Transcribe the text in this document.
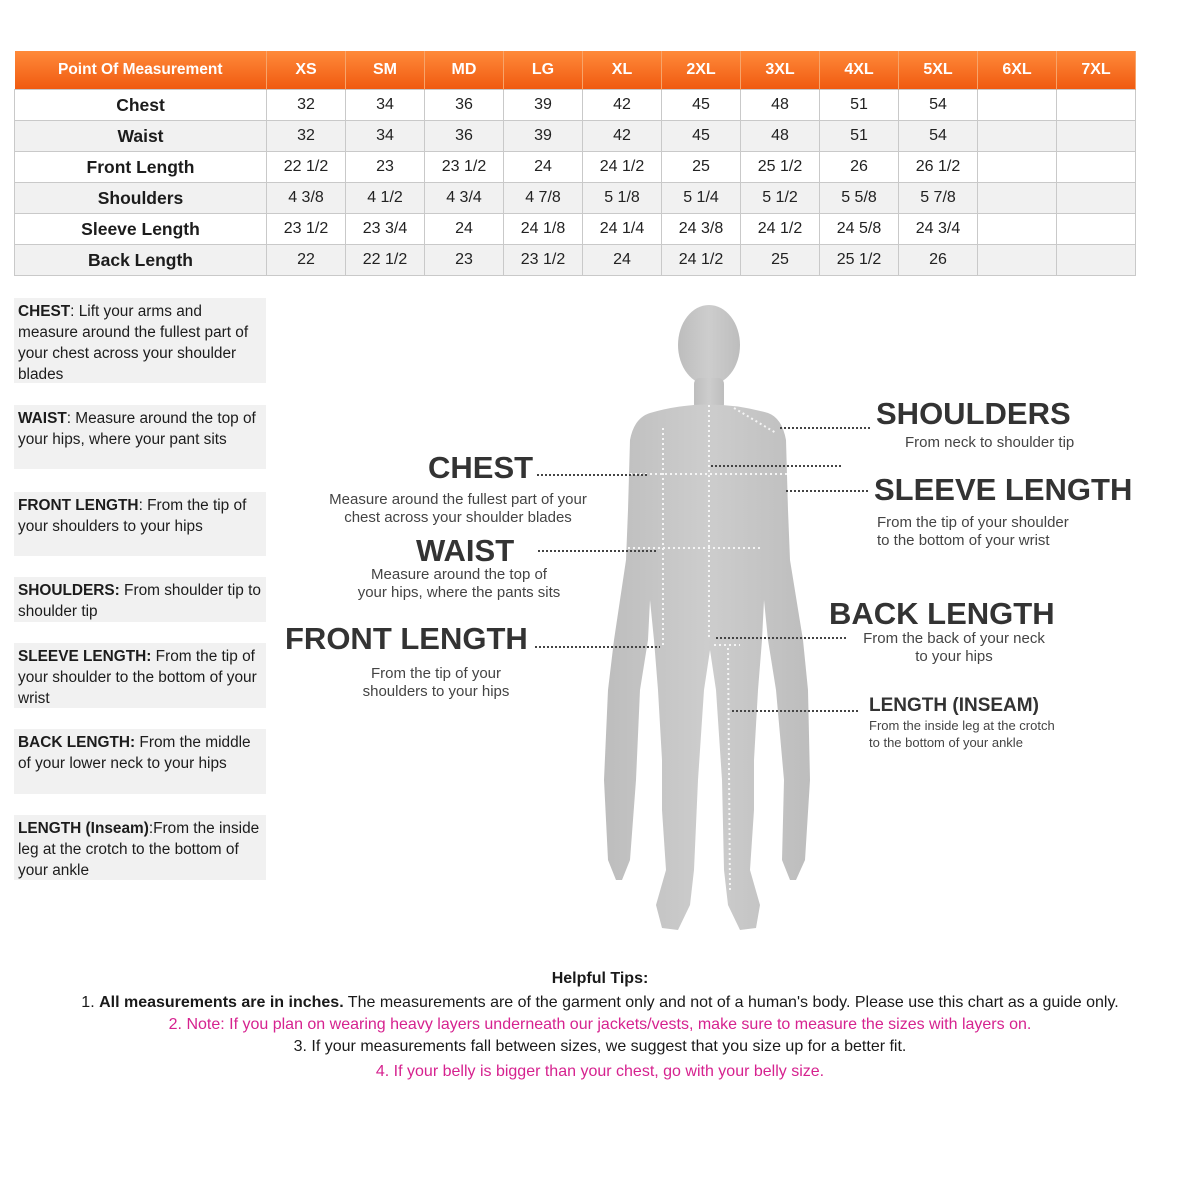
Point Of Measurement	XS	SM	MD	LG	XL	2XL	3XL	4XL	5XL	6XL	7XL
Chest	32	34	36	39	42	45	48	51	54		
Waist	32	34	36	39	42	45	48	51	54		
Front Length	22 1/2	23	23 1/2	24	24 1/2	25	25 1/2	26	26 1/2		
Shoulders	4 3/8	4 1/2	4 3/4	4 7/8	5 1/8	5 1/4	5 1/2	5 5/8	5 7/8		
Sleeve Length	23 1/2	23 3/4	24	24 1/8	24 1/4	24 3/8	24 1/2	24 5/8	24 3/4		
Back Length	22	22 1/2	23	23 1/2	24	24 1/2	25	25 1/2	26		
CHEST: Lift your arms and measure around the fullest part of your chest across your shoulder blades
WAIST: Measure around the top of your hips, where your pant sits
FRONT LENGTH: From the tip of your shoulders to your hips
SHOULDERS: From shoulder tip to shoulder tip
SLEEVE LENGTH: From the tip of your shoulder to the bottom of your wrist
BACK LENGTH: From the middle of your lower neck to your hips
LENGTH (Inseam):From the inside leg at the crotch to the bottom of your ankle
CHEST
Measure around the fullest part of your
chest across your shoulder blades
WAIST
Measure around the top of
your hips, where the pants sits
FRONT LENGTH
From the tip of your
shoulders to your hips
SHOULDERS
From neck to shoulder tip
SLEEVE LENGTH
From the tip of your shoulder
to the bottom of your wrist
BACK LENGTH
From the back of your neck
to your hips
LENGTH (INSEAM)
From the inside leg at the crotch
to the bottom of your ankle
Helpful Tips:
1. All measurements are in inches. The measurements are of the garment only and not of a human's body. Please use this chart as a guide only.
2. Note: If you plan on wearing heavy layers underneath our jackets/vests, make sure to measure the sizes with layers on.
3. If your measurements fall between sizes, we suggest that you size up for a better fit.
4. If your belly is bigger than your chest, go with your belly size.
